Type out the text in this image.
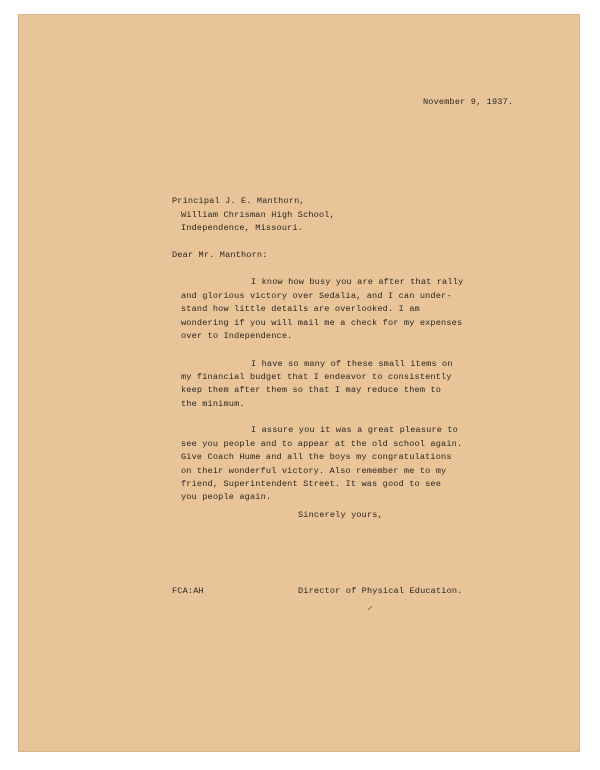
November 9, 1937.
Principal J. E. Manthorn,
William Chrisman High School,
Independence, Missouri.
Dear Mr. Manthorn:
I know how busy you are after that rally
and glorious victory over Sedalia, and I can under-
stand how little details are overlooked. I am
wondering if you will mail me a check for my expenses
over to Independence.
I have so many of these small items on
my financial budget that I endeavor to consistently
keep them after them so that I may reduce them to
the minimum.
I assure you it was a great pleasure to
see you people and to appear at the old school again.
Give Coach Hume and all the boys my congratulations
on their wonderful victory. Also remember me to my
friend, Superintendent Street. It was good to see
you people again.
Sincerely yours,
FCA:AH	Director of Physical Education.
